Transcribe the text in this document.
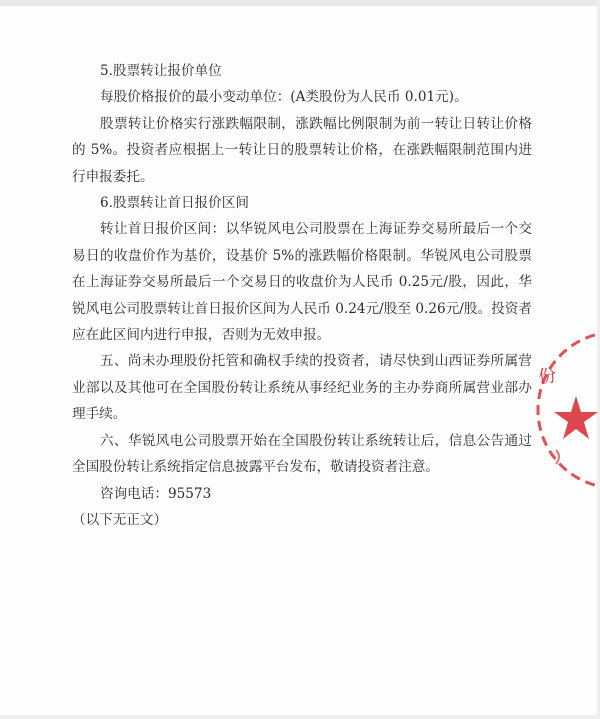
5.股票转让报价单位

每股价格报价的最小变动单位：(A类股份为人民币 0.01元)。

股票转让价格实行涨跌幅限制，涨跌幅比例限制为前一转让日转让价格的 5%。投资者应根据上一转让日的股票转让价格，在涨跌幅限制范围内进行申报委托。

6.股票转让首日报价区间

转让首日报价区间：以华锐风电公司股票在上海证券交易所最后一个交易日的收盘价作为基价，设基价 5%的涨跌幅价格限制。华锐风电公司股票在上海证券交易所最后一个交易日的收盘价为人民币 0.25元/股，因此，华锐风电公司股票转让首日报价区间为人民币 0.24元/股至 0.26元/股。投资者应在此区间内进行申报，否则为无效申报。

五、尚未办理股份托管和确权手续的投资者，请尽快到山西证券所属营业部以及其他可在全国股份转让系统从事经纪业务的主办券商所属营业部办理手续。

六、华锐风电公司股票开始在全国股份转让系统转让后，信息公告通过全国股份转让系统指定信息披露平台发布，敬请投资者注意。

咨询电话：95573

（以下无正文）

份
